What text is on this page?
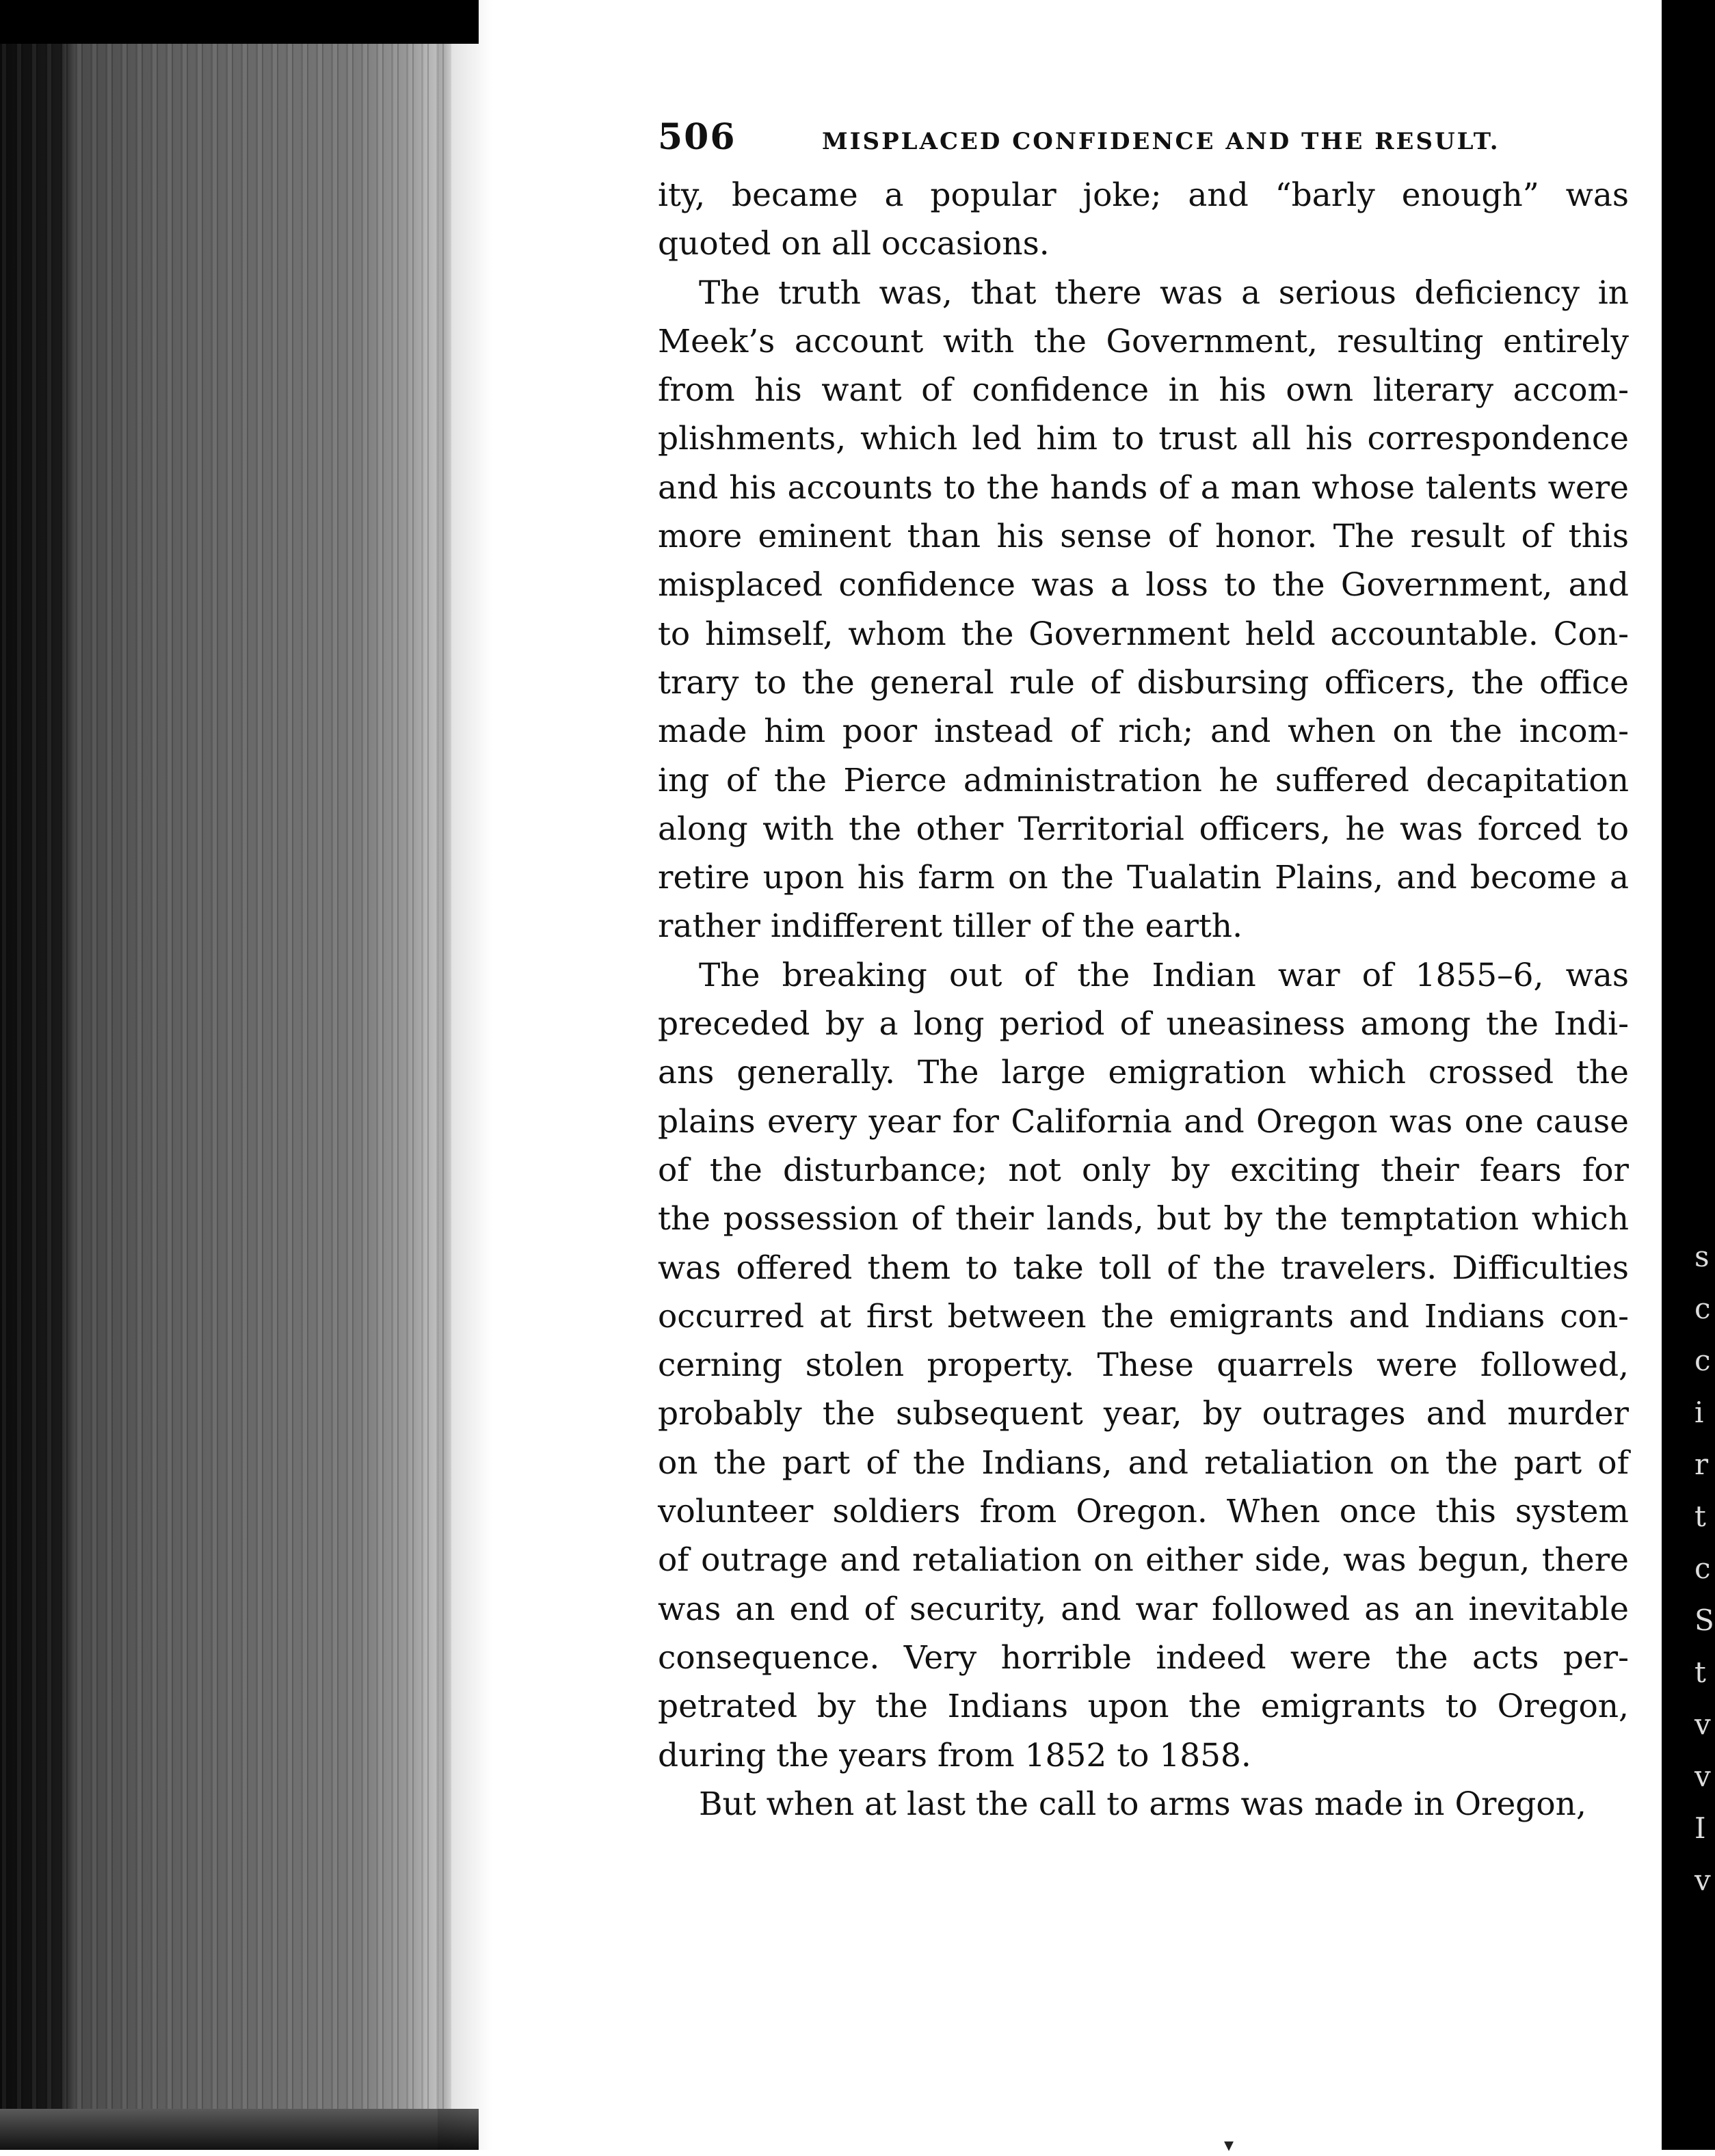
s
c
c
i
r
t
c
S
t
v
v
I
v
506	MISPLACED CONFIDENCE AND THE RESULT.
ity, became a popular joke; and “barly enough” was
quoted on all occasions.
The truth was, that there was a serious deficiency in
Meek’s account with the Government, resulting entirely
from his want of confidence in his own literary accom-
plishments, which led him to trust all his correspondence
and his accounts to the hands of a man whose talents were
more eminent than his sense of honor. The result of this
misplaced confidence was a loss to the Government, and
to himself, whom the Government held accountable. Con-
trary to the general rule of disbursing officers, the office
made him poor instead of rich; and when on the incom-
ing of the Pierce administration he suffered decapitation
along with the other Territorial officers, he was forced to
retire upon his farm on the Tualatin Plains, and become a
rather indifferent tiller of the earth.
The breaking out of the Indian war of 1855–6, was
preceded by a long period of uneasiness among the Indi-
ans generally. The large emigration which crossed the
plains every year for California and Oregon was one cause
of the disturbance; not only by exciting their fears for
the possession of their lands, but by the temptation which
was offered them to take toll of the travelers. Difficulties
occurred at first between the emigrants and Indians con-
cerning stolen property. These quarrels were followed,
probably the subsequent year, by outrages and murder
on the part of the Indians, and retaliation on the part of
volunteer soldiers from Oregon. When once this system
of outrage and retaliation on either side, was begun, there
was an end of security, and war followed as an inevitable
consequence. Very horrible indeed were the acts per-
petrated by the Indians upon the emigrants to Oregon,
during the years from 1852 to 1858.
But when at last the call to arms was made in Oregon,
▾
